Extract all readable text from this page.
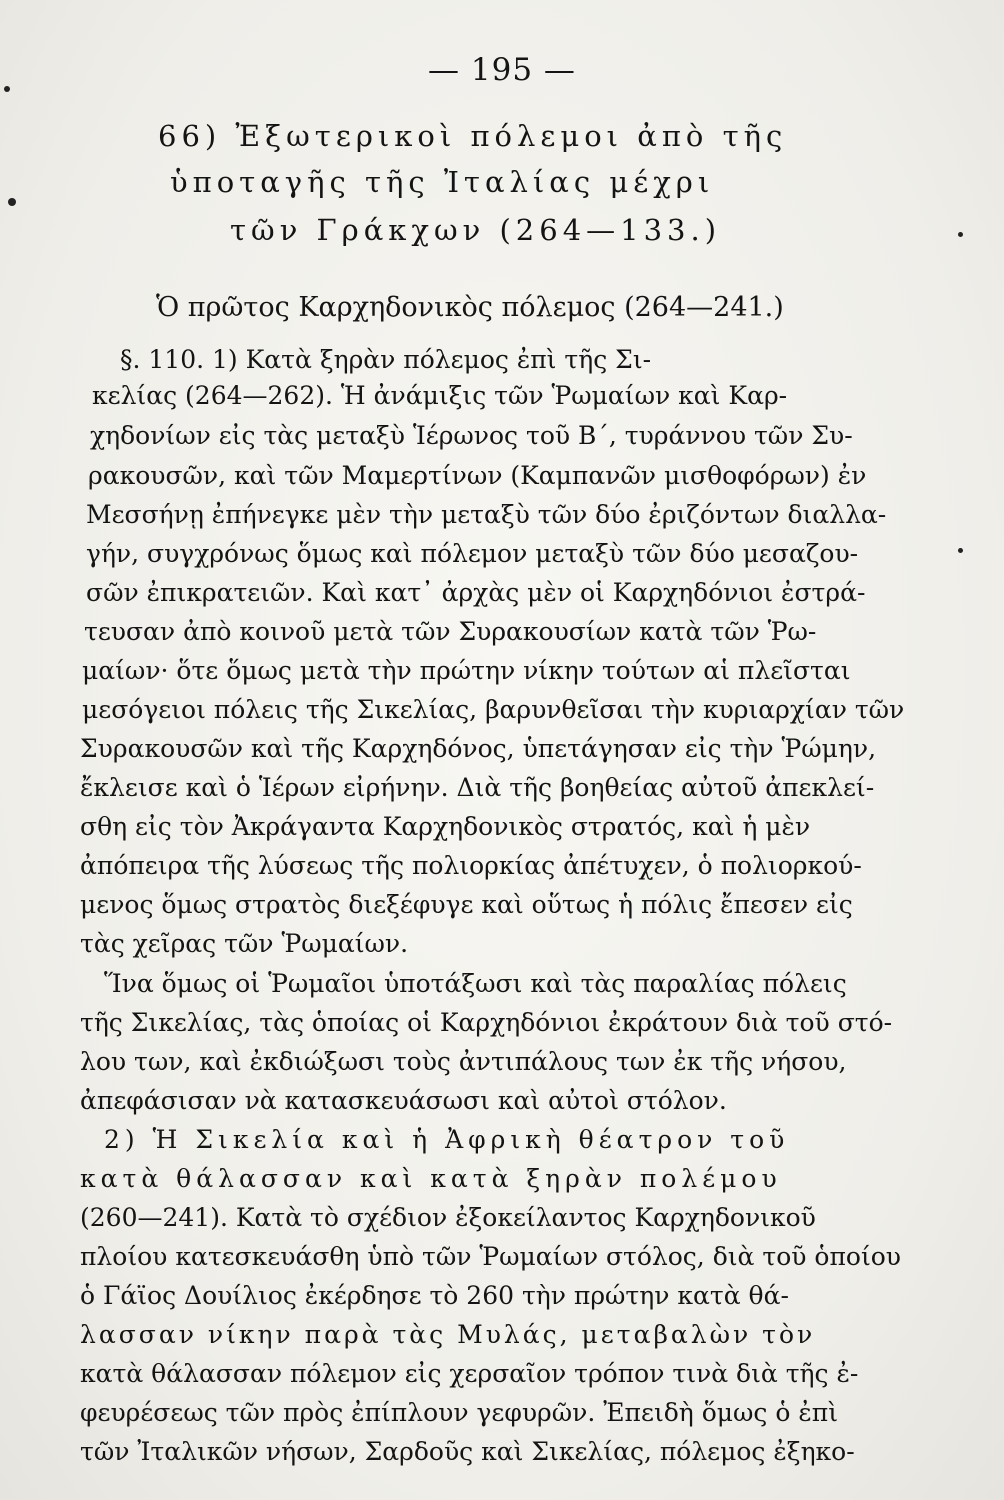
— 195 —
66) Ἐξωτερικοὶ πόλεμοι ἀπὸ τῆς
ὑποταγῆς τῆς Ἰταλίας μέχρι
τῶν Γράκχων (264—133.)
Ὁ πρῶτος Καρχηδονικὸς πόλεμος (264—241.)
§. 110. 1) Κατὰ ξηρὰν πόλεμος ἐπὶ τῆς Σι-
κελίας (264—262). Ἡ ἀνάμιξις τῶν Ῥωμαίων καὶ Καρ-
χηδονίων εἰς τὰς μεταξὺ Ἱέρωνος τοῦ Β΄, τυράννου τῶν Συ-
ρακουσῶν, καὶ τῶν Μαμερτίνων (Καμπανῶν μισθοφόρων) ἐν
Μεσσήνῃ ἐπήνεγκε μὲν τὴν μεταξὺ τῶν δύο ἐριζόντων διαλλα-
γήν, συγχρόνως ὅμως καὶ πόλεμον μεταξὺ τῶν δύο μεσαζου-
σῶν ἐπικρατειῶν. Καὶ κατ᾿ ἀρχὰς μὲν οἱ Καρχηδόνιοι ἐστρά-
τευσαν ἀπὸ κοινοῦ μετὰ τῶν Συρακουσίων κατὰ τῶν Ῥω-
μαίων· ὅτε ὅμως μετὰ τὴν πρώτην νίκην τούτων αἱ πλεῖσται
μεσόγειοι πόλεις τῆς Σικελίας, βαρυνθεῖσαι τὴν κυριαρχίαν τῶν
Συρακουσῶν καὶ τῆς Καρχηδόνος, ὑπετάγησαν εἰς τὴν Ῥώμην,
ἔκλεισε καὶ ὁ Ἱέρων εἰρήνην. Διὰ τῆς βοηθείας αὐτοῦ ἀπεκλεί-
σθη εἰς τὸν Ἀκράγαντα Καρχηδονικὸς στρατός, καὶ ἡ μὲν
ἀπόπειρα τῆς λύσεως τῆς πολιορκίας ἀπέτυχεν, ὁ πολιορκού-
μενος ὅμως στρατὸς διεξέφυγε καὶ οὕτως ἡ πόλις ἔπεσεν εἰς
τὰς χεῖρας τῶν Ῥωμαίων.
Ἵνα ὅμως οἱ Ῥωμαῖοι ὑποτάξωσι καὶ τὰς παραλίας πόλεις
τῆς Σικελίας, τὰς ὁποίας οἱ Καρχηδόνιοι ἐκράτουν διὰ τοῦ στό-
λου των, καὶ ἐκδιώξωσι τοὺς ἀντιπάλους των ἐκ τῆς νήσου,
ἀπεφάσισαν νὰ κατασκευάσωσι καὶ αὐτοὶ στόλον.
2) Ἡ Σικελία καὶ ἡ Ἀφρικὴ θέατρον τοῦ
κατὰ θάλασσαν καὶ κατὰ ξηρὰν πολέμου
(260—241). Κατὰ τὸ σχέδιον ἐξοκείλαντος Καρχηδονικοῦ
πλοίου κατεσκευάσθη ὑπὸ τῶν Ῥωμαίων στόλος, διὰ τοῦ ὁποίου
ὁ Γάϊος Δουίλιος ἐκέρδησε τὸ 260 τὴν πρώτην κατὰ θά-
λασσαν νίκην παρὰ τὰς Μυλάς, μεταβαλὼν τὸν
κατὰ θάλασσαν πόλεμον εἰς χερσαῖον τρόπον τινὰ διὰ τῆς ἐ-
φευρέσεως τῶν πρὸς ἐπίπλουν γεφυρῶν. Ἐπειδὴ ὅμως ὁ ἐπὶ
τῶν Ἰταλικῶν νήσων, Σαρδοῦς καὶ Σικελίας, πόλεμος ἐξηκο-
